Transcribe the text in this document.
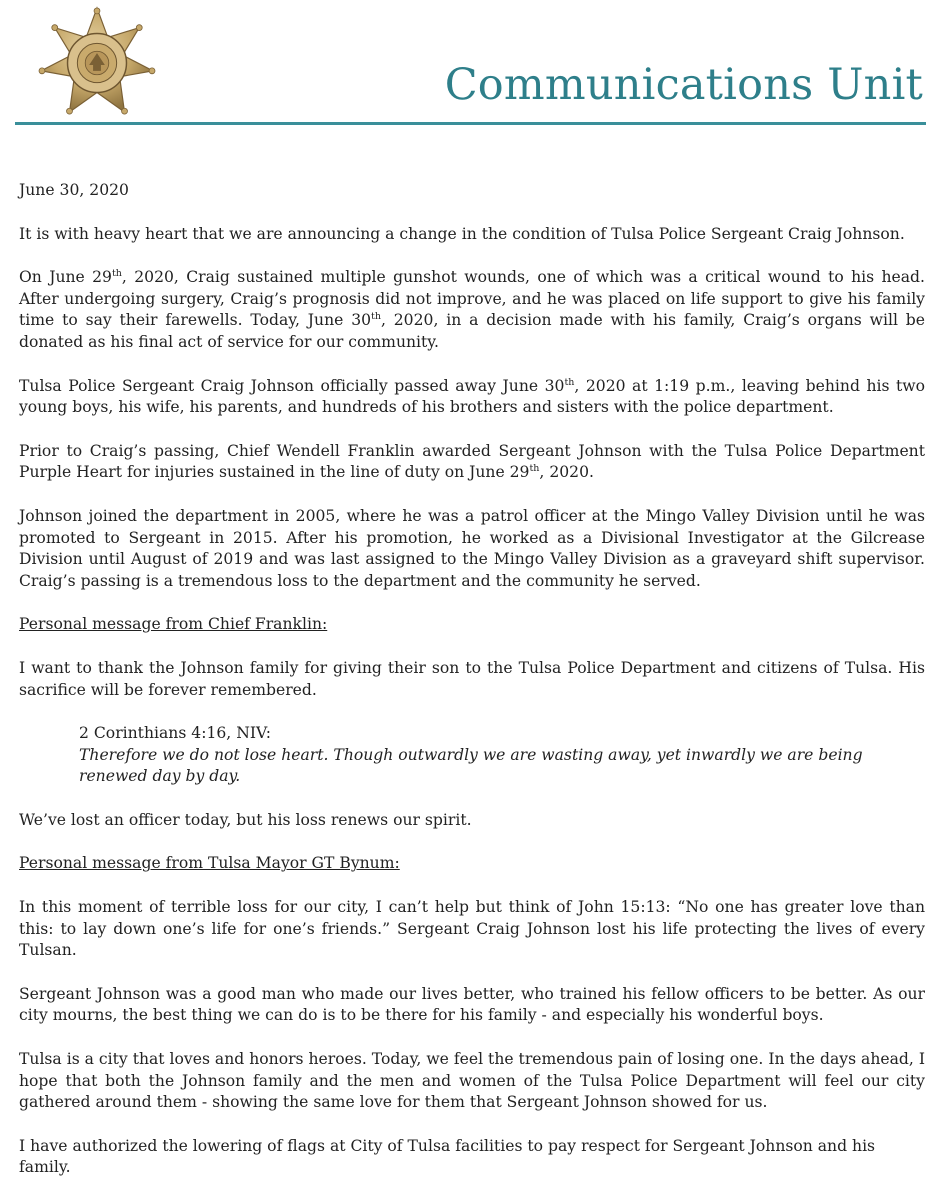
Communications Unit

June 30, 2020

It is with heavy heart that we are announcing a change in the condition of Tulsa Police Sergeant Craig Johnson.

On June 29th, 2020, Craig sustained multiple gunshot wounds, one of which was a critical wound to his head. After undergoing surgery, Craig’s prognosis did not improve, and he was placed on life support to give his family time to say their farewells. Today, June 30th, 2020, in a decision made with his family, Craig’s organs will be donated as his final act of service for our community.

Tulsa Police Sergeant Craig Johnson officially passed away June 30th, 2020 at 1:19 p.m., leaving behind his two young boys, his wife, his parents, and hundreds of his brothers and sisters with the police department.

Prior to Craig’s passing, Chief Wendell Franklin awarded Sergeant Johnson with the Tulsa Police Department Purple Heart for injuries sustained in the line of duty on June 29th, 2020.

Johnson joined the department in 2005, where he was a patrol officer at the Mingo Valley Division until he was promoted to Sergeant in 2015. After his promotion, he worked as a Divisional Investigator at the Gilcrease Division until August of 2019 and was last assigned to the Mingo Valley Division as a graveyard shift supervisor. Craig’s passing is a tremendous loss to the department and the community he served.

Personal message from Chief Franklin:

I want to thank the Johnson family for giving their son to the Tulsa Police Department and citizens of Tulsa. His sacrifice will be forever remembered.

2 Corinthians 4:16, NIV:
Therefore we do not lose heart. Though outwardly we are wasting away, yet inwardly we are being renewed day by day.

We’ve lost an officer today, but his loss renews our spirit.

Personal message from Tulsa Mayor GT Bynum:

In this moment of terrible loss for our city, I can’t help but think of John 15:13: “No one has greater love than this: to lay down one’s life for one’s friends.” Sergeant Craig Johnson lost his life protecting the lives of every Tulsan.

Sergeant Johnson was a good man who made our lives better, who trained his fellow officers to be better. As our city mourns, the best thing we can do is to be there for his family - and especially his wonderful boys.

Tulsa is a city that loves and honors heroes. Today, we feel the tremendous pain of losing one. In the days ahead, I hope that both the Johnson family and the men and women of the Tulsa Police Department will feel our city gathered around them - showing the same love for them that Sergeant Johnson showed for us.

I have authorized the lowering of flags at City of Tulsa facilities to pay respect for Sergeant Johnson and his family.
